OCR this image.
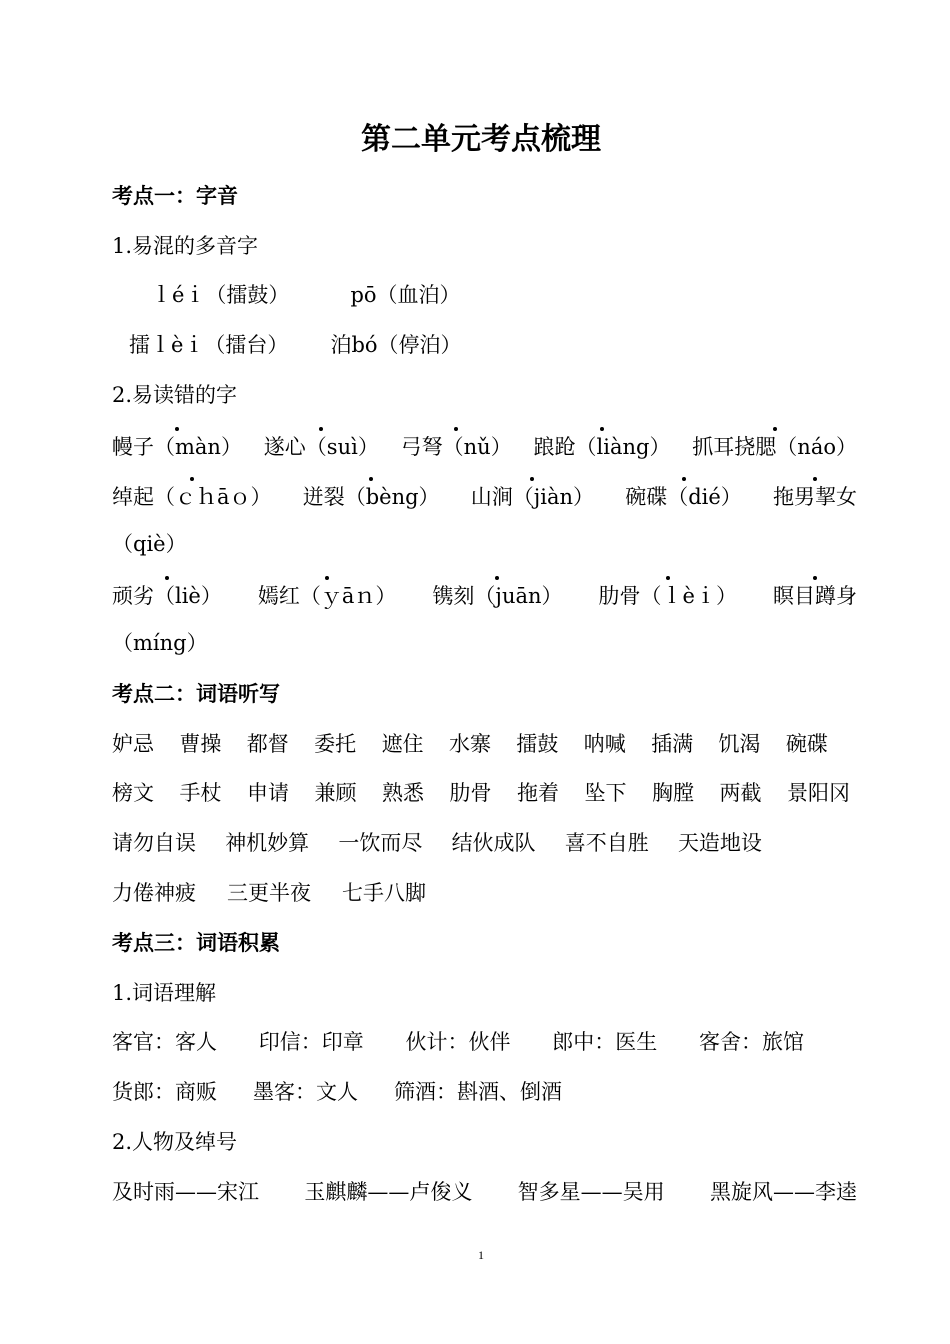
第二单元考点梳理
考点一：字音
1.易混的多音字
ｌéｉ（擂鼓）	pō（血泊）
擂ｌèｉ（擂台） 泊bó（停泊）
2.易读错的字
幔子（màn） 遂心（suì） 弓弩（nǔ） 踉跄（liàng） 抓耳挠腮（náo）
绰起（ｃｈāｏ） 迸裂（bèng） 山涧（jiàn） 碗碟（dié） 拖男挈女
（qiè）
顽劣（liè） 嫣红（ｙāｎ） 镌刻（juān） 肋骨（ｌèｉ） 瞑目蹲身
（míng）
考点二：词语听写
妒忌 曹操 都督 委托 遮住 水寨 擂鼓 呐喊 插满 饥渴 碗碟
榜文 手杖 申请 兼顾 熟悉 肋骨 拖着 坠下 胸膛 两截 景阳冈
请勿自误 神机妙算 一饮而尽 结伙成队 喜不自胜 天造地设
力倦神疲 三更半夜 七手八脚
考点三：词语积累
1.词语理解
客官：客人 印信：印章 伙计：伙伴 郎中：医生 客舍：旅馆
货郎：商贩 墨客：文人 筛酒：斟酒、倒酒
2.人物及绰号
及时雨——宋江 玉麒麟——卢俊义 智多星——吴用 黑旋风——李逵
1
